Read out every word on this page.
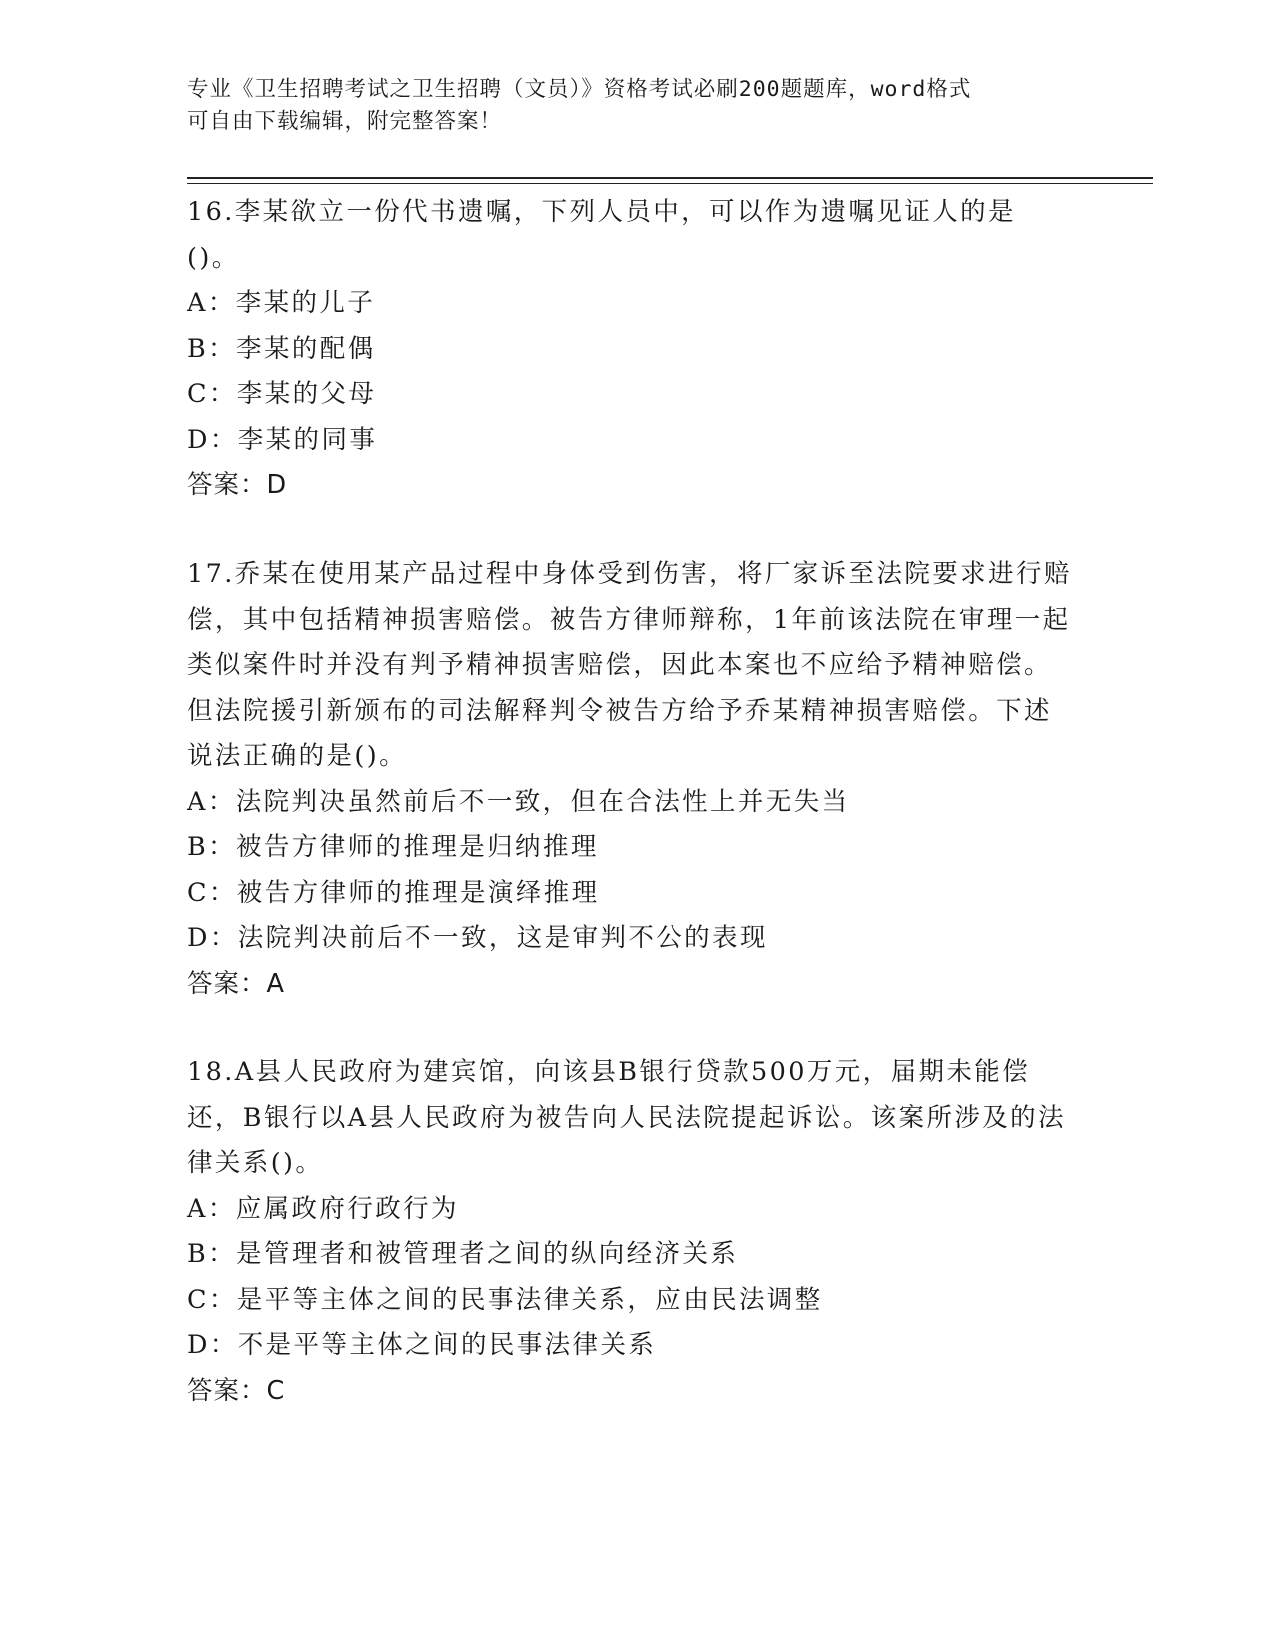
专业《卫生招聘考试之卫生招聘（文员）》资格考试必刷200题题库，word格式
可自由下载编辑，附完整答案！
16.李某欲立一份代书遗嘱，下列人员中，可以作为遗嘱见证人的是()。
A：李某的儿子
B：李某的配偶
C：李某的父母
D：李某的同事
答案：D
17.乔某在使用某产品过程中身体受到伤害，将厂家诉至法院要求进行赔偿，其中包括精神损害赔偿。被告方律师辩称，1年前该法院在审理一起类似案件时并没有判予精神损害赔偿，因此本案也不应给予精神赔偿。但法院援引新颁布的司法解释判令被告方给予乔某精神损害赔偿。下述说法正确的是()。
A：法院判决虽然前后不一致，但在合法性上并无失当
B：被告方律师的推理是归纳推理
C：被告方律师的推理是演绎推理
D：法院判决前后不一致，这是审判不公的表现
答案：A
18.A县人民政府为建宾馆，向该县B银行贷款500万元，届期未能偿还，B银行以A县人民政府为被告向人民法院提起诉讼。该案所涉及的法律关系()。
A：应属政府行政行为
B：是管理者和被管理者之间的纵向经济关系
C：是平等主体之间的民事法律关系，应由民法调整
D：不是平等主体之间的民事法律关系
答案：C
